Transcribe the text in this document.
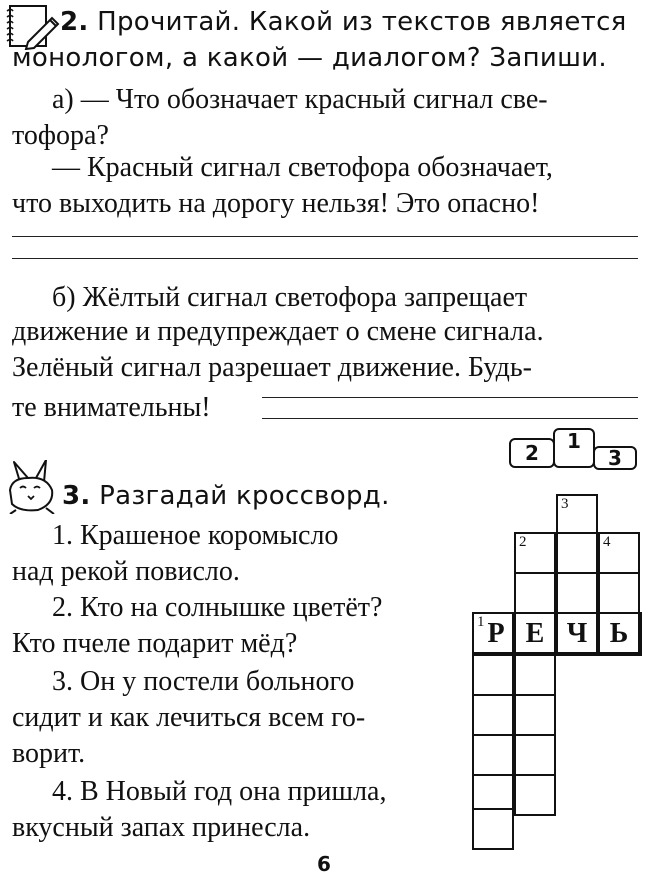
2. Прочитай. Какой из текстов является
монологом, а какой — диалогом? Запиши.
а) — Что обозначает красный сигнал све-
тофора?
— Красный сигнал светофора обозначает,
что выходить на дорогу нельзя! Это опасно!
б) Жёлтый сигнал светофора запрещает
движение и предупреждает о смене сигнала.
Зелёный сигнал разрешает движение. Будь-
те внимательны!
2	1
3
3. Разгадай кроссворд.
1. Крашеное коромысло
над рекой повисло.
2. Кто на солнышке цветёт?
Кто пчеле подарит мёд?
3. Он у постели больного
сидит и как лечиться всем го-
ворит.
4. В Новый год она пришла,
вкусный запах принесла.
3
2	4
1 Р Е Ч Ь
6
